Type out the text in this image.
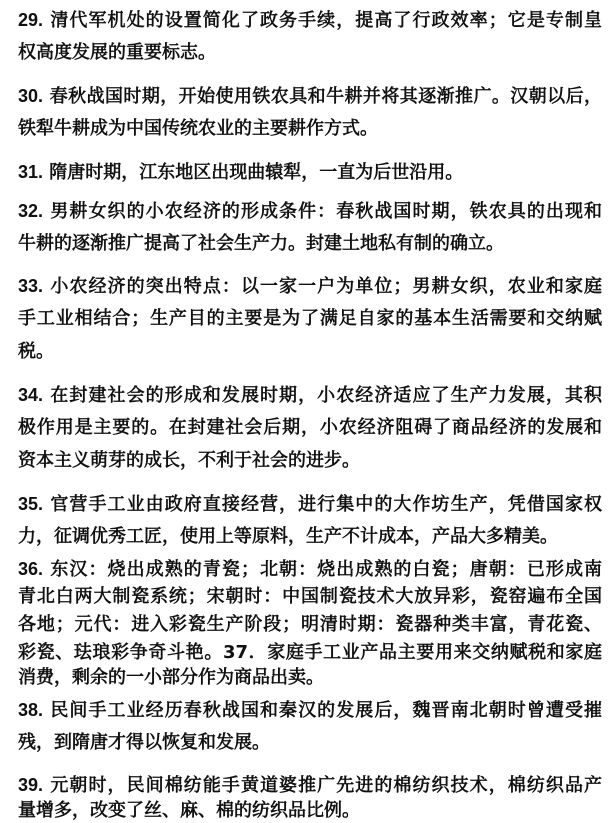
29. 清代军机处的设置简化了政务手续，提高了行政效率；它是专制皇
权高度发展的重要标志。
30. 春秋战国时期，开始使用铁农具和牛耕并将其逐渐推广。汉朝以后，
铁犁牛耕成为中国传统农业的主要耕作方式。
31. 隋唐时期，江东地区出现曲辕犁，一直为后世沿用。
32. 男耕女织的小农经济的形成条件：春秋战国时期，铁农具的出现和
牛耕的逐渐推广提高了社会生产力。封建土地私有制的确立。
33. 小农经济的突出特点：以一家一户为单位；男耕女织，农业和家庭
手工业相结合；生产目的主要是为了满足自家的基本生活需要和交纳赋
税。
34. 在封建社会的形成和发展时期，小农经济适应了生产力发展，其积
极作用是主要的。在封建社会后期，小农经济阻碍了商品经济的发展和
资本主义萌芽的成长，不利于社会的进步。
35. 官营手工业由政府直接经营，进行集中的大作坊生产，凭借国家权
力，征调优秀工匠，使用上等原料，生产不计成本，产品大多精美。
36. 东汉：烧出成熟的青瓷；北朝：烧出成熟的白瓷；唐朝：已形成南
青北白两大制瓷系统；宋朝时：中国制瓷技术大放异彩，瓷窑遍布全国
各地；元代：进入彩瓷生产阶段；明清时期：瓷器种类丰富，青花瓷、
彩瓷、珐琅彩争奇斗艳。37．家庭手工业产品主要用来交纳赋税和家庭
消费，剩余的一小部分作为商品出卖。
38. 民间手工业经历春秋战国和秦汉的发展后，魏晋南北朝时曾遭受摧
残，到隋唐才得以恢复和发展。
39. 元朝时，民间棉纺能手黄道婆推广先进的棉纺织技术，棉纺织品产
量增多，改变了丝、麻、棉的纺织品比例。
